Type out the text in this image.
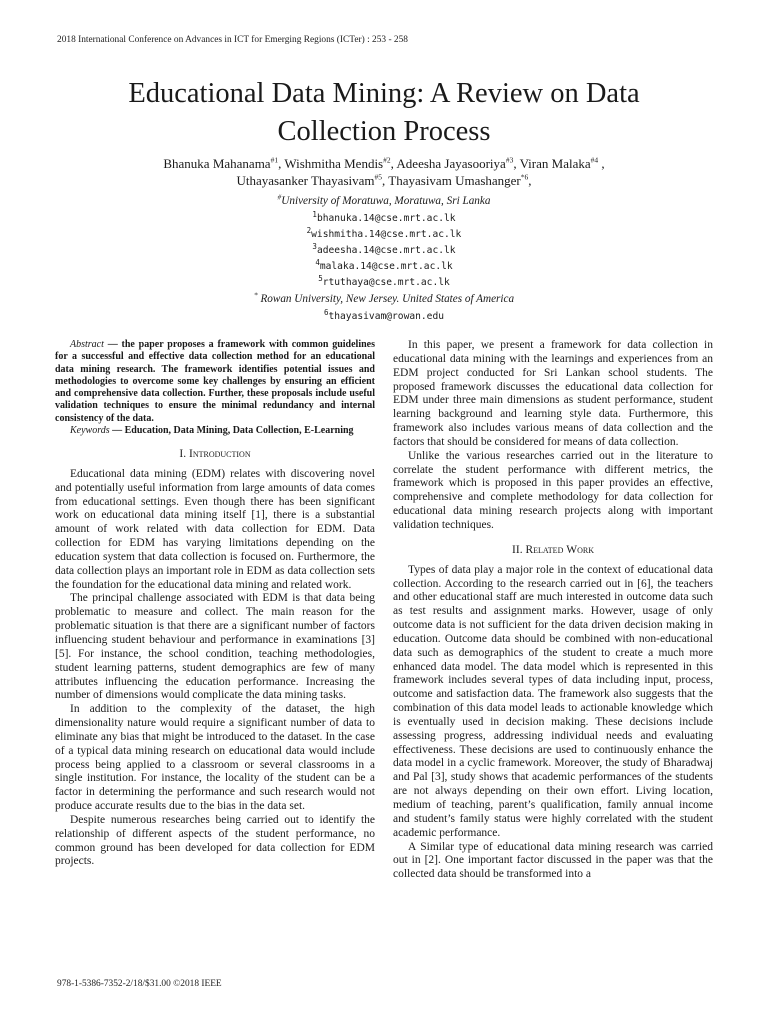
2018 International Conference on Advances in ICT for Emerging Regions (ICTer) : 253 - 258
Educational Data Mining: A Review on Data
Collection Process
Bhanuka Mahanama$^{\#1}$, Wishmitha Mendis$^{\#2}$, Adeesha Jayasooriya$^{\#3}$, Viran Malaka$^{\#4}$ ,
Uthayasanker Thayasivam$^{\#5}$, Thayasivam Umashanger$^{*6}$,
#University of Moratuwa, Moratuwa, Sri Lanka
$^1$bhanuka.14@cse.mrt.ac.lk
$^2$wishmitha.14@cse.mrt.ac.lk
$^3$adeesha.14@cse.mrt.ac.lk
$^4$malaka.14@cse.mrt.ac.lk
$^5$rtuthaya@cse.mrt.ac.lk
* Rowan University, New Jersey. United States of America
$^6$thayasivam@rowan.edu

Abstract — the paper proposes a framework with common guidelines for a successful and effective data collection method for an educational data mining research. The framework identifies potential issues and methodologies to overcome some key challenges by ensuring an efficient and comprehensive data collection. Further, these proposals include useful validation techniques to ensure the minimal redundancy and internal consistency of the data.

Keywords — Education, Data Mining, Data Collection, E-Learning

I. Introduction

Educational data mining (EDM) relates with discovering novel and potentially useful information from large amounts of data comes from educational settings. Even though there has been significant work on educational data mining itself [1], there is a substantial amount of work related with data collection for EDM. Data collection for EDM has varying limitations depending on the education system that data collection is focused on. Furthermore, the data collection plays an important role in EDM as data collection sets the foundation for the educational data mining and related work.

The principal challenge associated with EDM is that data being problematic to measure and collect. The main reason for the problematic situation is that there are a significant number of factors influencing student behaviour and performance in examinations [3] [5]. For instance, the school condition, teaching methodologies, student learning patterns, student demographics are few of many attributes influencing the education performance. Increasing the number of dimensions would complicate the data mining tasks.

In addition to the complexity of the dataset, the high dimensionality nature would require a significant number of data to eliminate any bias that might be introduced to the dataset. In the case of a typical data mining research on educational data would include process being applied to a classroom or several classrooms in a single institution. For instance, the locality of the student can be a factor in determining the performance and such research would not produce accurate results due to the bias in the data set.

Despite numerous researches being carried out to identify the relationship of different aspects of the student performance, no common ground has been developed for data collection for EDM projects.

In this paper, we present a framework for data collection in educational data mining with the learnings and experiences from an EDM project conducted for Sri Lankan school students. The proposed framework discusses the educational data collection for EDM under three main dimensions as student performance, student learning background and learning style data. Furthermore, this framework also includes various means of data collection and the factors that should be considered for means of data collection.

Unlike the various researches carried out in the literature to correlate the student performance with different metrics, the framework which is proposed in this paper provides an effective, comprehensive and complete methodology for data collection for educational data mining research projects along with important validation techniques.

II. Related Work

Types of data play a major role in the context of educational data collection. According to the research carried out in [6], the teachers and other educational staff are much interested in outcome data such as test results and assignment marks. However, usage of only outcome data is not sufficient for the data driven decision making in education. Outcome data should be combined with non-educational data such as demographics of the student to create a much more enhanced data model. The data model which is represented in this framework includes several types of data including input, process, outcome and satisfaction data. The framework also suggests that the combination of this data model leads to actionable knowledge which is eventually used in decision making. These decisions include assessing progress, addressing individual needs and evaluating effectiveness. These decisions are used to continuously enhance the data model in a cyclic framework. Moreover, the study of Bharadwaj and Pal [3], study shows that academic performances of the students are not always depending on their own effort. Living location, medium of teaching, parent’s qualification, family annual income and student’s family status were highly correlated with the student academic performance.

A Similar type of educational data mining research was carried out in [2]. One important factor discussed in the paper was that the collected data should be transformed into a

978-1-5386-7352-2/18/$31.00 ©2018 IEEE
